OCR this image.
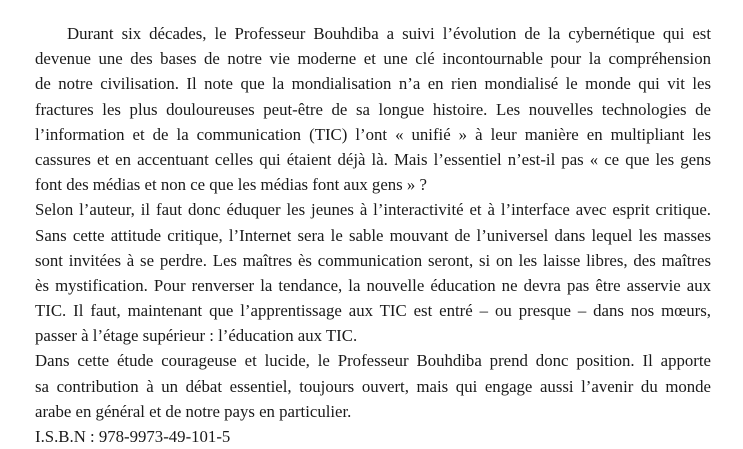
Durant six décades, le Professeur Bouhdiba a suivi l’évolution de la cybernétique qui est
devenue une des bases de notre vie moderne et une clé incontournable pour la compréhension
de notre civilisation. Il note que la mondialisation n’a en rien mondialisé le monde qui vit les
fractures les plus douloureuses peut-être de sa longue histoire. Les nouvelles technologies de
l’information et de la communication (TIC) l’ont « unifié » à leur manière en multipliant les
cassures et en accentuant celles qui étaient déjà là. Mais l’essentiel n’est-il pas « ce que les gens
font des médias et non ce que les médias font aux gens » ?
Selon l’auteur, il faut donc éduquer les jeunes à l’interactivité et à l’interface avec esprit critique.
Sans cette attitude critique, l’Internet sera le sable mouvant de l’universel dans lequel les masses
sont invitées à se perdre. Les maîtres ès communication seront, si on les laisse libres, des maîtres
ès mystification. Pour renverser la tendance, la nouvelle éducation ne devra pas être asservie aux
TIC. Il faut, maintenant que l’apprentissage aux TIC est entré – ou presque – dans nos mœurs,
passer à l’étage supérieur : l’éducation aux TIC.
Dans cette étude courageuse et lucide, le Professeur Bouhdiba prend donc position. Il apporte
sa contribution à un débat essentiel, toujours ouvert, mais qui engage aussi l’avenir du monde
arabe en général et de notre pays en particulier.
I.S.B.N : 978-9973-49-101-5
